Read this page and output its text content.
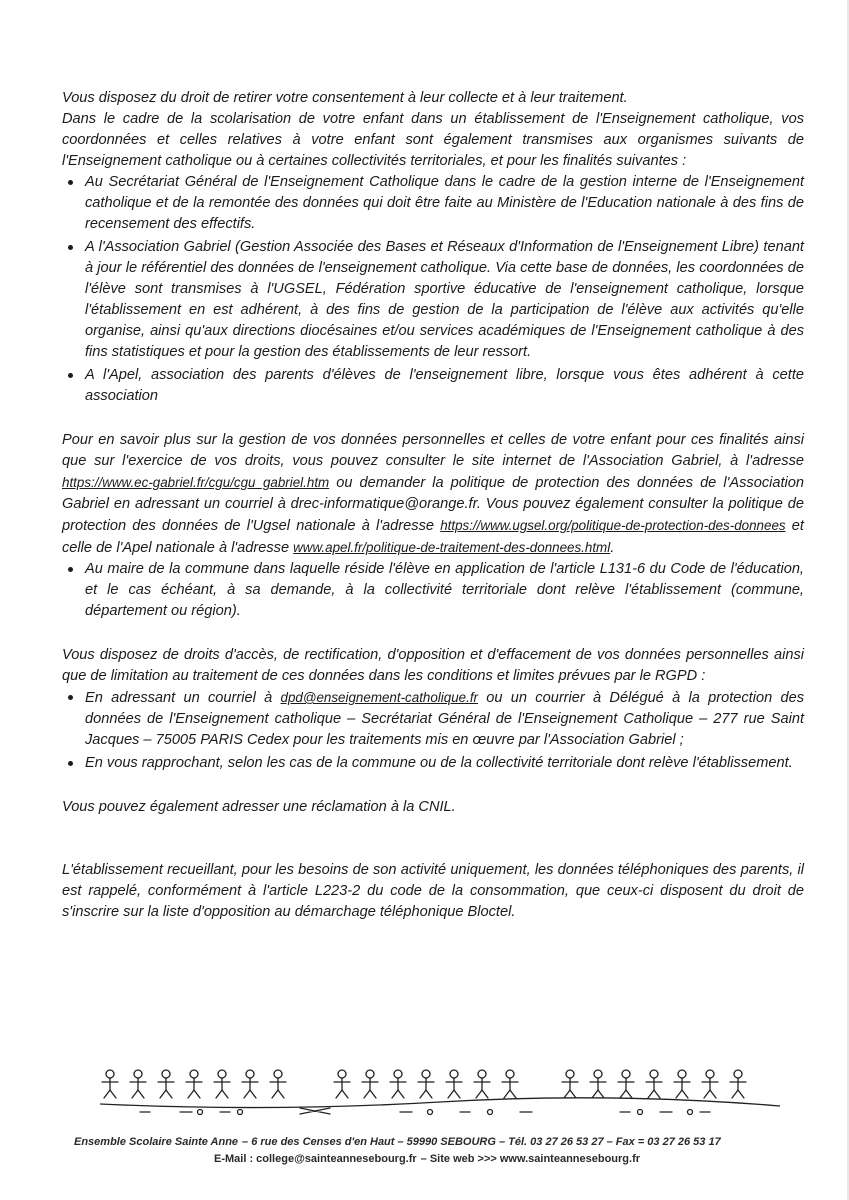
Vous disposez du droit de retirer votre consentement à leur collecte et à leur traitement.

Dans le cadre de la scolarisation de votre enfant dans un établissement de l'Enseignement catholique, vos coordonnées et celles relatives à votre enfant sont également transmises aux organismes suivants de l'Enseignement catholique ou à certaines collectivités territoriales, et pour les finalités suivantes :

Au Secrétariat Général de l'Enseignement Catholique dans le cadre de la gestion interne de l'Enseignement catholique et de la remontée des données qui doit être faite au Ministère de l'Education nationale à des fins de recensement des effectifs.
A l'Association Gabriel (Gestion Associée des Bases et Réseaux d'Information de l'Enseignement Libre) tenant à jour le référentiel des données de l'enseignement catholique. Via cette base de données, les coordonnées de l'élève sont transmises à l'UGSEL, Fédération sportive éducative de l'enseignement catholique, lorsque l'établissement en est adhérent, à des fins de gestion de la participation de l'élève aux activités qu'elle organise, ainsi qu'aux directions diocésaines et/ou services académiques de l'Enseignement catholique à des fins statistiques et pour la gestion des établissements de leur ressort.
A l'Apel, association des parents d'élèves de l'enseignement libre, lorsque vous êtes adhérent à cette association

Pour en savoir plus sur la gestion de vos données personnelles et celles de votre enfant pour ces finalités ainsi que sur l'exercice de vos droits, vous pouvez consulter le site internet de l'Association Gabriel, à l'adresse https://www.ec-gabriel.fr/cgu/cgu_gabriel.htm ou demander la politique de protection des données de l'Association Gabriel en adressant un courriel à drec-informatique@orange.fr. Vous pouvez également consulter la politique de protection des données de l'Ugsel nationale à l'adresse https://www.ugsel.org/politique-de-protection-des-donnees et celle de l'Apel nationale à l'adresse www.apel.fr/politique-de-traitement-des-donnees.html.

Au maire de la commune dans laquelle réside l'élève en application de l'article L131-6 du Code de l'éducation, et le cas échéant, à sa demande, à la collectivité territoriale dont relève l'établissement (commune, département ou région).

Vous disposez de droits d'accès, de rectification, d'opposition et d'effacement de vos données personnelles ainsi que de limitation au traitement de ces données dans les conditions et limites prévues par le RGPD :

En adressant un courriel à dpd@enseignement-catholique.fr ou un courrier à Délégué à la protection des données de l'Enseignement catholique – Secrétariat Général de l'Enseignement Catholique – 277 rue Saint Jacques – 75005 PARIS Cedex pour les traitements mis en œuvre par l'Association Gabriel ;
En vous rapprochant, selon les cas de la commune ou de la collectivité territoriale dont relève l'établissement.

Vous pouvez également adresser une réclamation à la CNIL.

L'établissement recueillant, pour les besoins de son activité uniquement, les données téléphoniques des parents, il est rappelé, conformément à l'article L223-2 du code de la consommation, que ceux-ci disposent du droit de s'inscrire sur la liste d'opposition au démarchage téléphonique Bloctel.

Ensemble Scolaire Sainte Anne – 6 rue des Censes d'en Haut – 59990 SEBOURG – Tél. 03 27 26 53 27 – Fax = 03 27 26 53 17
E-Mail : college@sainteannesebourg.fr – Site web >>> www.sainteannesebourg.fr
